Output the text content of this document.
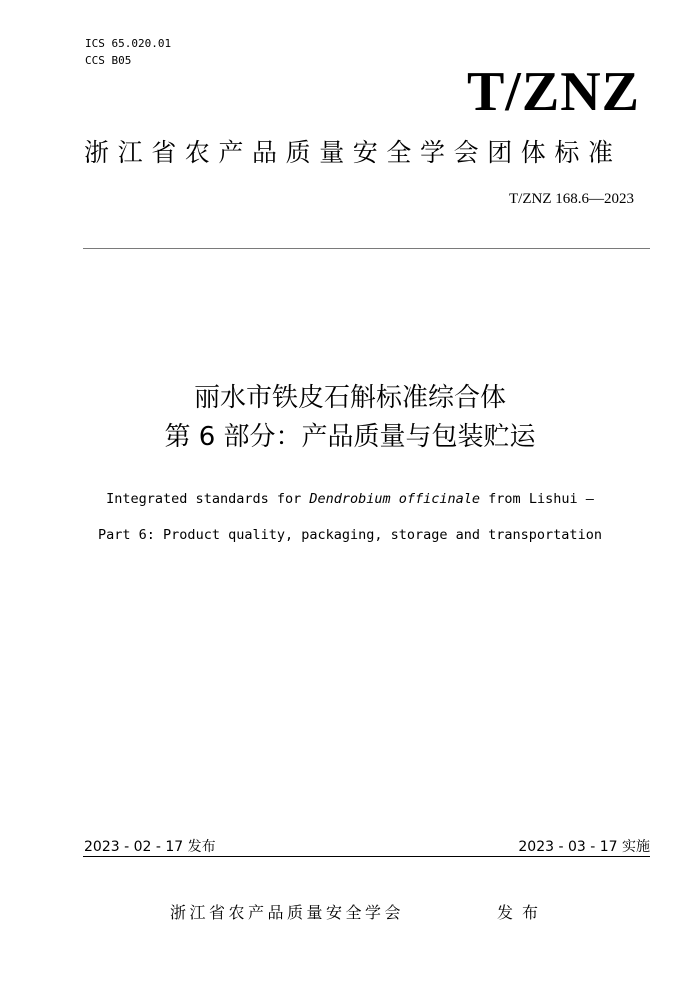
ICS 65.020.01
CCS B05
T/ZNZ
浙江省农产品质量安全学会团体标准
T/ZNZ 168.6—2023
丽水市铁皮石斛标准综合体
第 6 部分：产品质量与包装贮运
Integrated standards for Dendrobium officinale from Lishui —
Part 6: Product quality, packaging, storage and transportation
2023 - 02 - 17 发布	2023 - 03 - 17 实施
浙江省农产品质量安全学会	发布
